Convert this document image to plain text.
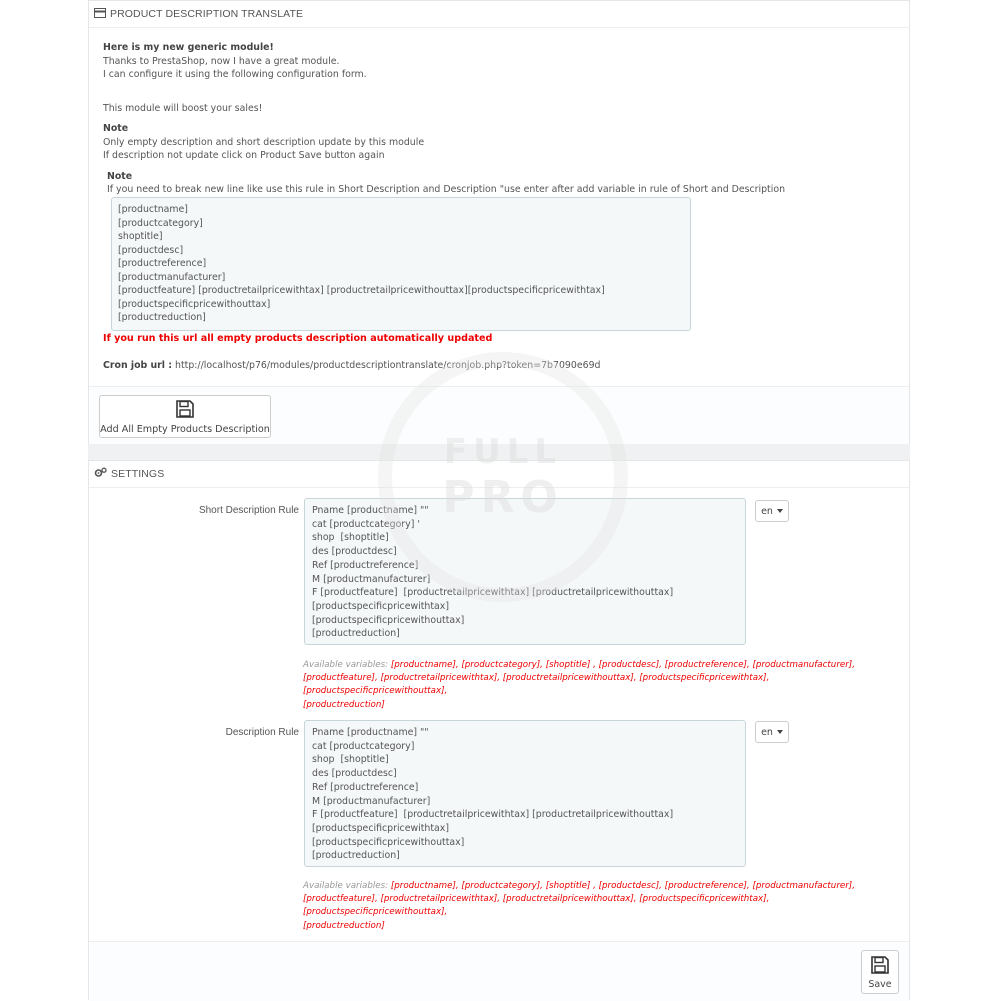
PRODUCT DESCRIPTION TRANSLATE

Here is my new generic module!

Thanks to PrestaShop, now I have a great module.

I can configure it using the following configuration form.

This module will boost your sales!

Note

Only empty description and short description update by this module

If description not update click on Product Save button again

Note

If you need to break new line like use this rule in Short Description and Description "use enter after add variable in rule of Short and Description

[productname]
[productcategory]
shoptitle]
[productdesc]
[productreference]
[productmanufacturer]
[productfeature] [productretailpricewithtax] [productretailpricewithouttax][productspecificpricewithtax]
[productspecificpricewithouttax]
[productreduction]
If you run this url all empty products description automatically updated
Cron job url : http://localhost/p76/modules/productdescriptiontranslate/cronjob.php?token=7b7090e69d
Add All Empty Products Description
SETTINGS
Short Description Rule	Pname [productname] ""
cat [productcategory] '
shop  [shoptitle]
des [productdesc]
Ref [productreference]
M [productmanufacturer]
F [productfeature]  [productretailpricewithtax] [productretailpricewithouttax]
[productspecificpricewithtax]
[productspecificpricewithouttax]
[productreduction]
en
Available variables: [productname], [productcategory], [shoptitle] , [productdesc], [productreference], [productmanufacturer],
[productfeature], [productretailpricewithtax], [productretailpricewithouttax], [productspecificpricewithtax], [productspecificpricewithouttax],
[productreduction]
Description Rule	Pname [productname] ""
cat [productcategory]
shop  [shoptitle]
des [productdesc]
Ref [productreference]
M [productmanufacturer]
F [productfeature]  [productretailpricewithtax] [productretailpricewithouttax]
[productspecificpricewithtax]
[productspecificpricewithouttax]
[productreduction]
en
Available variables: [productname], [productcategory], [shoptitle] , [productdesc], [productreference], [productmanufacturer],
[productfeature], [productretailpricewithtax], [productretailpricewithouttax], [productspecificpricewithtax], [productspecificpricewithouttax],
[productreduction]
Save
FULL
PRO
